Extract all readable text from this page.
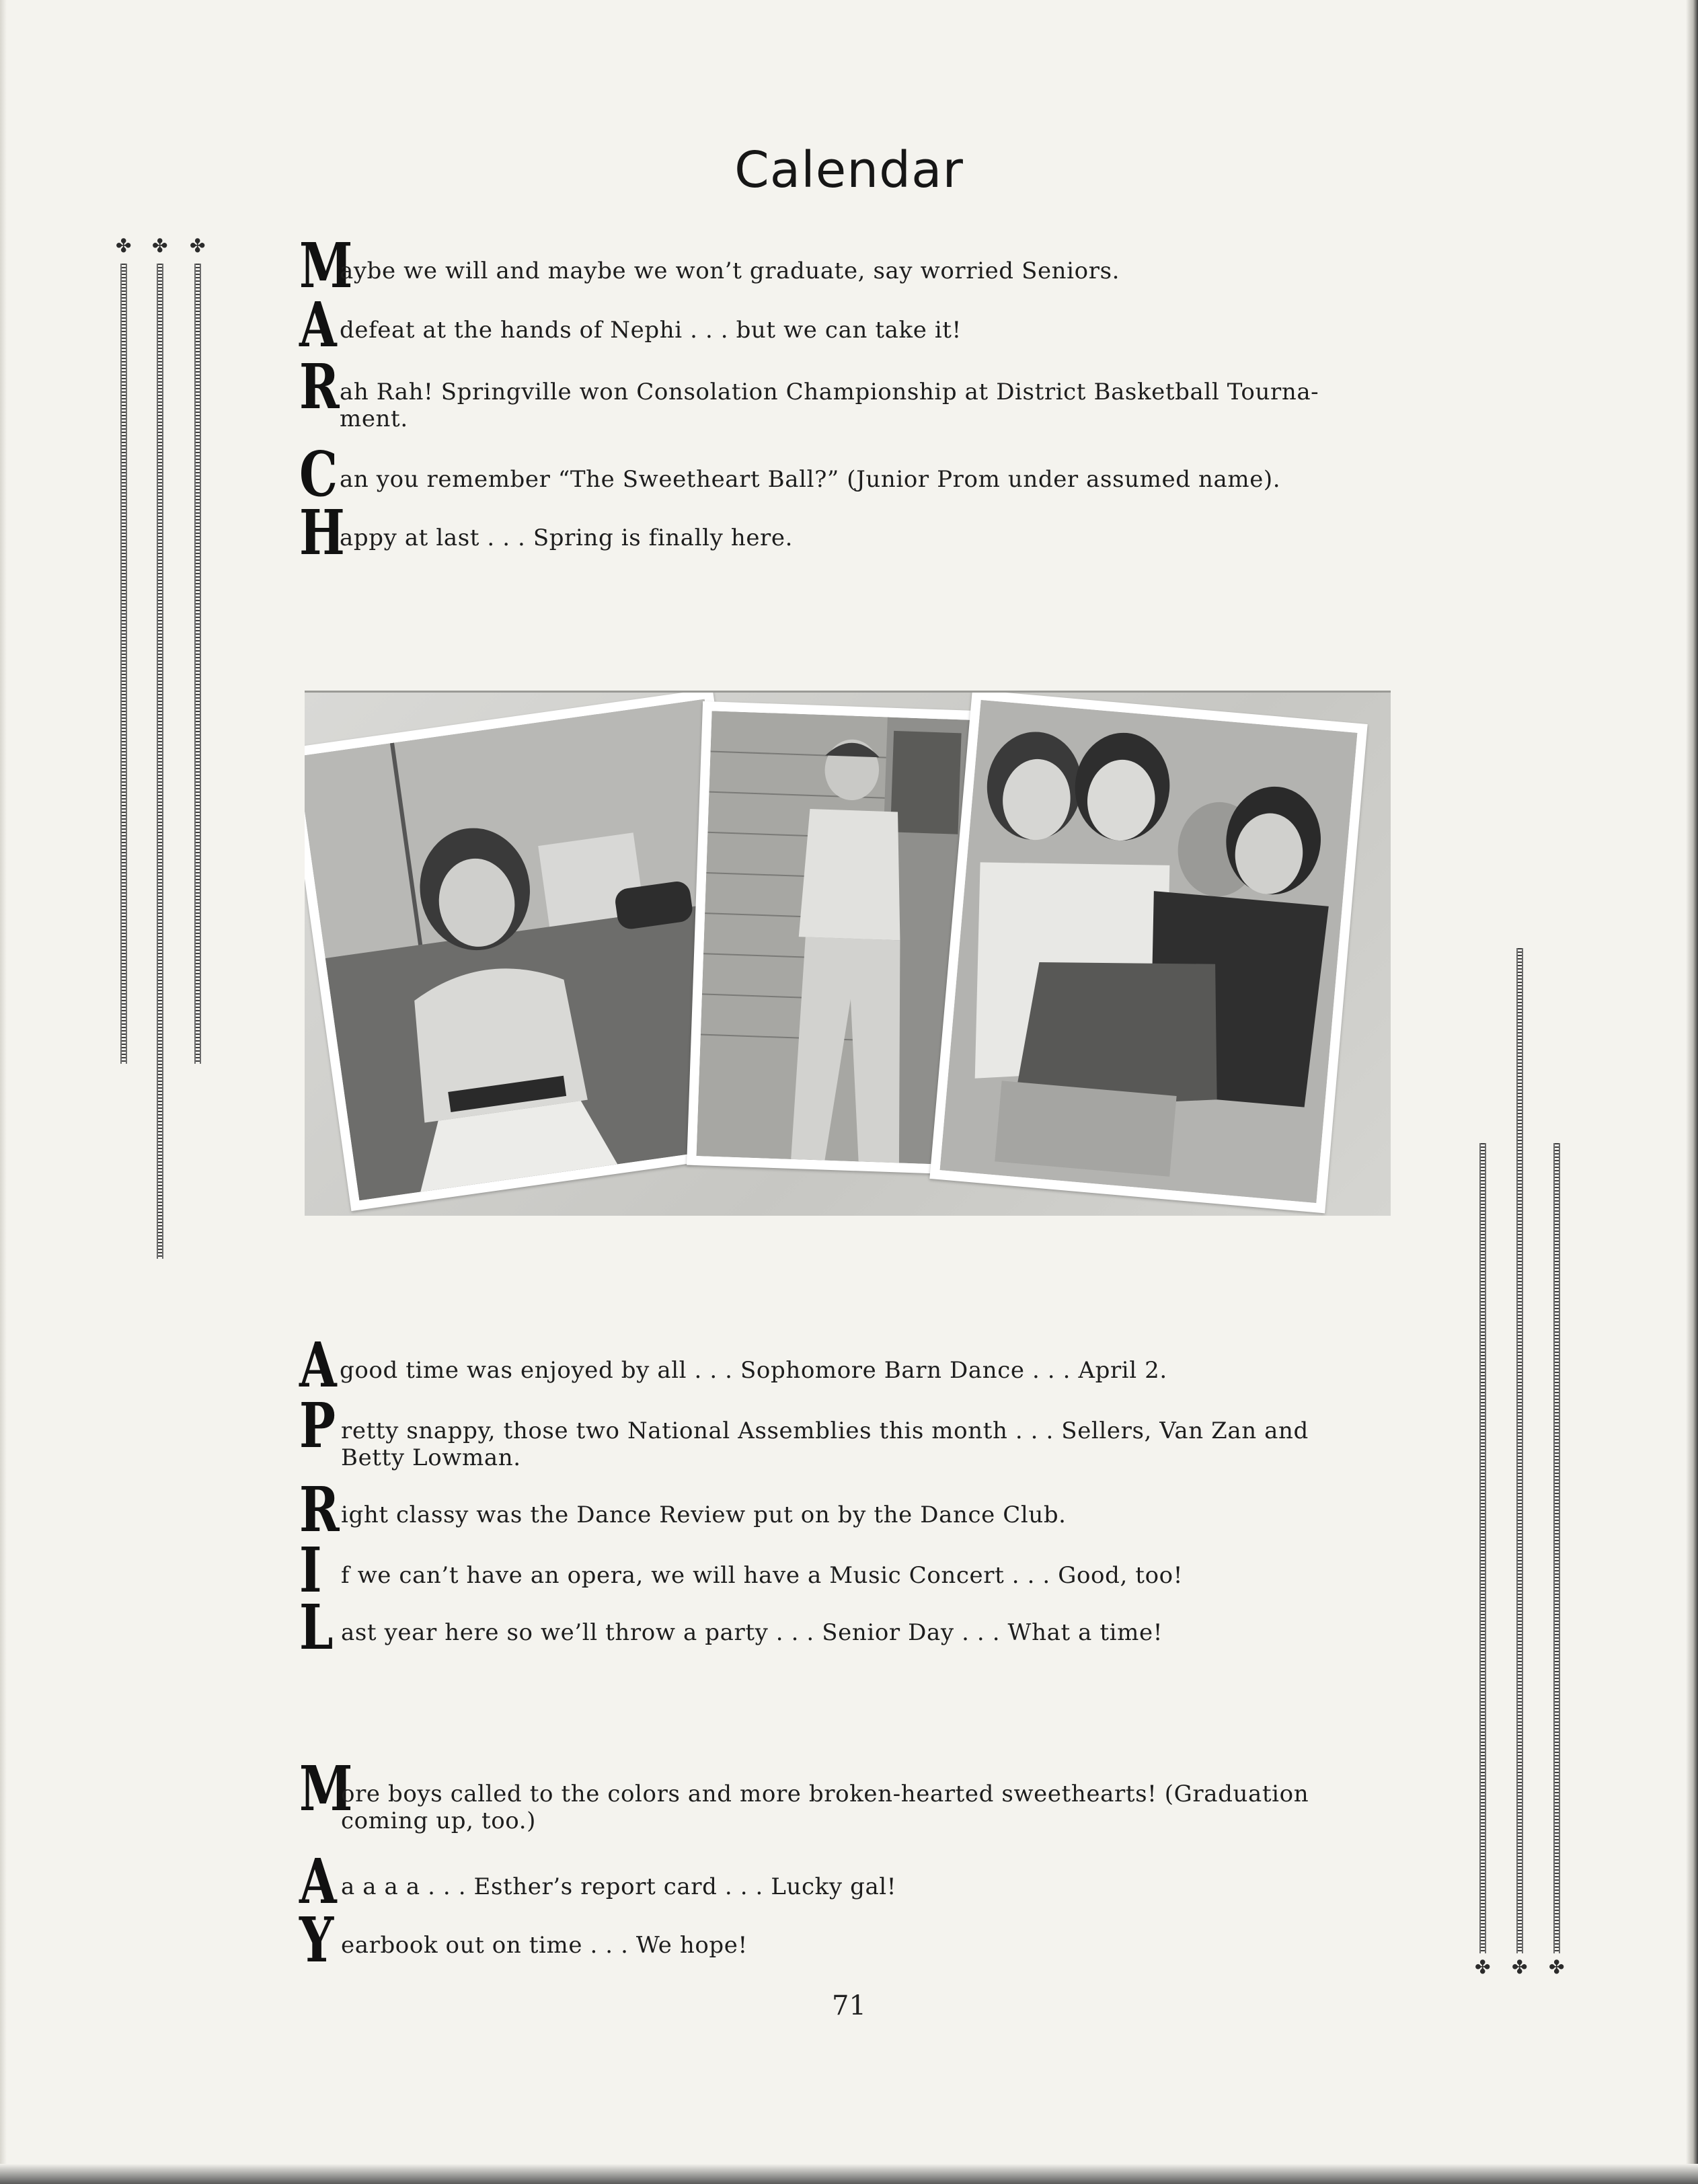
Calendar
✤ ✤ ✤
✤ ✤ ✤
M
aybe we will and maybe we won’t graduate, say worried Seniors.
A defeat at the hands of Nephi . . . but we can take it!
R ah Rah! Springville won Consolation Championship at District Basketball Tourna-
ment.
C an you remember “The Sweetheart Ball?” (Junior Prom under assumed name).
H
appy at last . . . Spring is finally here.
A good time was enjoyed by all . . . Sophomore Barn Dance . . . April 2.
P retty snappy, those two National Assemblies this month . . . Sellers, Van Zan and
Betty Lowman.
R ight classy was the Dance Review put on by the Dance Club.
I f we can’t have an opera, we will have a Music Concert . . . Good, too!
L ast year here so we’ll throw a party . . . Senior Day . . . What a time!
M
ore boys called to the colors and more broken-hearted sweethearts! (Graduation
coming up, too.)
A a a a a . . . Esther’s report card . . . Lucky gal!
Y earbook out on time . . . We hope!
71
